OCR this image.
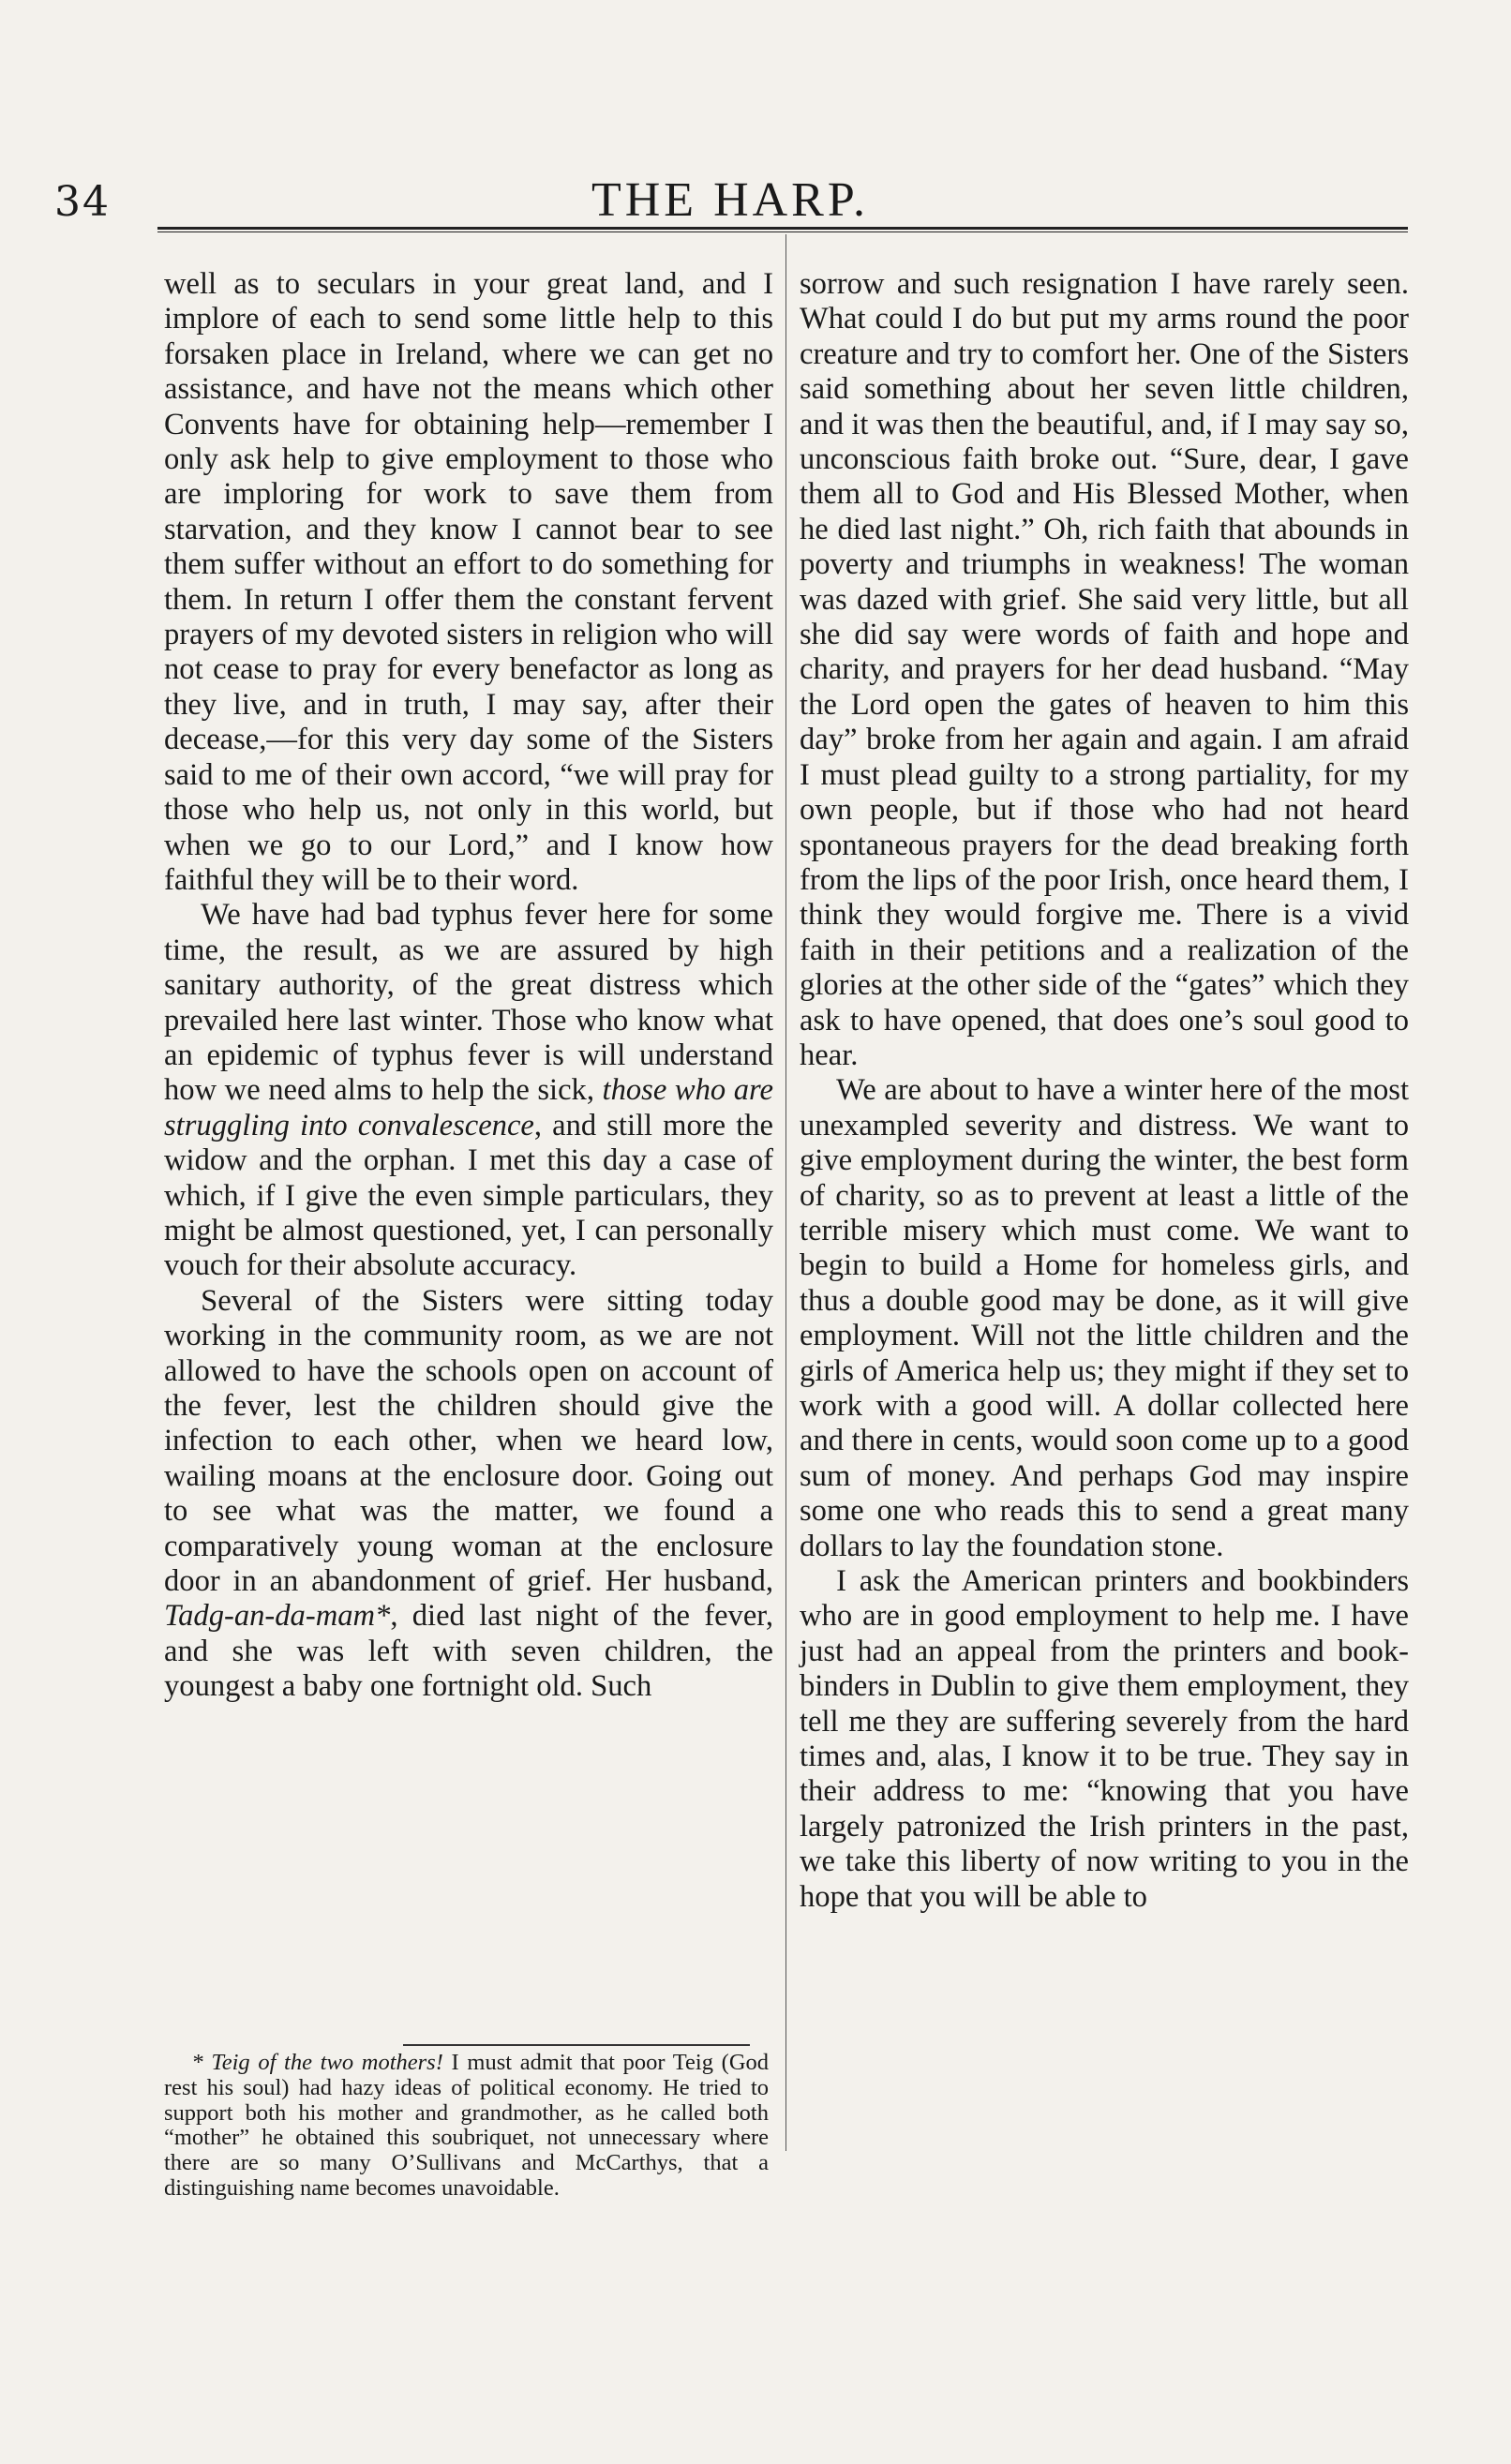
34	THE HARP.

well as to seculars in your great land, and I implore of each to send some little help to this forsaken place in Ireland, where we can get no assistance, and have not the means which other Convents have for obtaining help—remember I only ask help to give employment to those who are imploring for work to save them from starvation, and they know I cannot bear to see them suffer without an effort to do something for them. In return I offer them the constant fervent prayers of my devoted sisters in religion who will not cease to pray for every benefactor as long as they live, and in truth, I may say, after their decease,—for this very day some of the Sisters said to me of their own accord, “we will pray for those who help us, not only in this world, but when we go to our Lord,” and I know how faithful they will be to their word.

We have had bad typhus fever here for some time, the result, as we are assured by high sanitary authority, of the great distress which prevailed here last winter. Those who know what an epidemic of typhus fever is will understand how we need alms to help the sick, those who are struggling into convalescence, and still more the widow and the orphan. I met this day a case of which, if I give the even simple particulars, they might be almost questioned, yet, I can personally vouch for their absolute accuracy.

Several of the Sisters were sitting today working in the community room, as we are not allowed to have the schools open on account of the fever, lest the children should give the infection to each other, when we heard low, wailing moans at the enclosure door. Going out to see what was the matter, we found a comparatively young woman at the enclosure door in an abandonment of grief. Her husband, Tadg-an-da-mam*, died last night of the fever, and she was left with seven children, the youngest a baby one fortnight old. Such

sorrow and such resignation I have rarely seen. What could I do but put my arms round the poor creature and try to comfort her. One of the Sisters said something about her seven little children, and it was then the beautiful, and, if I may say so, unconscious faith broke out. “Sure, dear, I gave them all to God and His Blessed Mother, when he died last night.” Oh, rich faith that abounds in poverty and triumphs in weakness! The woman was dazed with grief. She said very little, but all she did say were words of faith and hope and charity, and prayers for her dead husband. “May the Lord open the gates of heaven to him this day” broke from her again and again. I am afraid I must plead guilty to a strong partiality, for my own people, but if those who had not heard spontaneous prayers for the dead breaking forth from the lips of the poor Irish, once heard them, I think they would forgive me. There is a vivid faith in their petitions and a realization of the glories at the other side of the “gates” which they ask to have opened, that does one’s soul good to hear.

We are about to have a winter here of the most unexampled severity and distress. We want to give employment during the winter, the best form of charity, so as to prevent at least a little of the terrible misery which must come. We want to begin to build a Home for homeless girls, and thus a double good may be done, as it will give employment. Will not the little children and the girls of America help us; they might if they set to work with a good will. A dollar collected here and there in cents, would soon come up to a good sum of money. And perhaps God may inspire some one who reads this to send a great many dollars to lay the foundation stone.

I ask the American printers and bookbinders who are in good employment to help me. I have just had an appeal from the printers and book-binders in Dublin to give them employment, they tell me they are suffering severely from the hard times and, alas, I know it to be true. They say in their address to me: “knowing that you have largely patronized the Irish printers in the past, we take this liberty of now writing to you in the hope that you will be able to

* Teig of the two mothers! I must admit that poor Teig (God rest his soul) had hazy ideas of political economy. He tried to support both his mother and grandmother, as he called both “mother” he obtained this soubriquet, not unnecessary where there are so many O’Sullivans and McCarthys, that a distinguishing name becomes unavoidable.
